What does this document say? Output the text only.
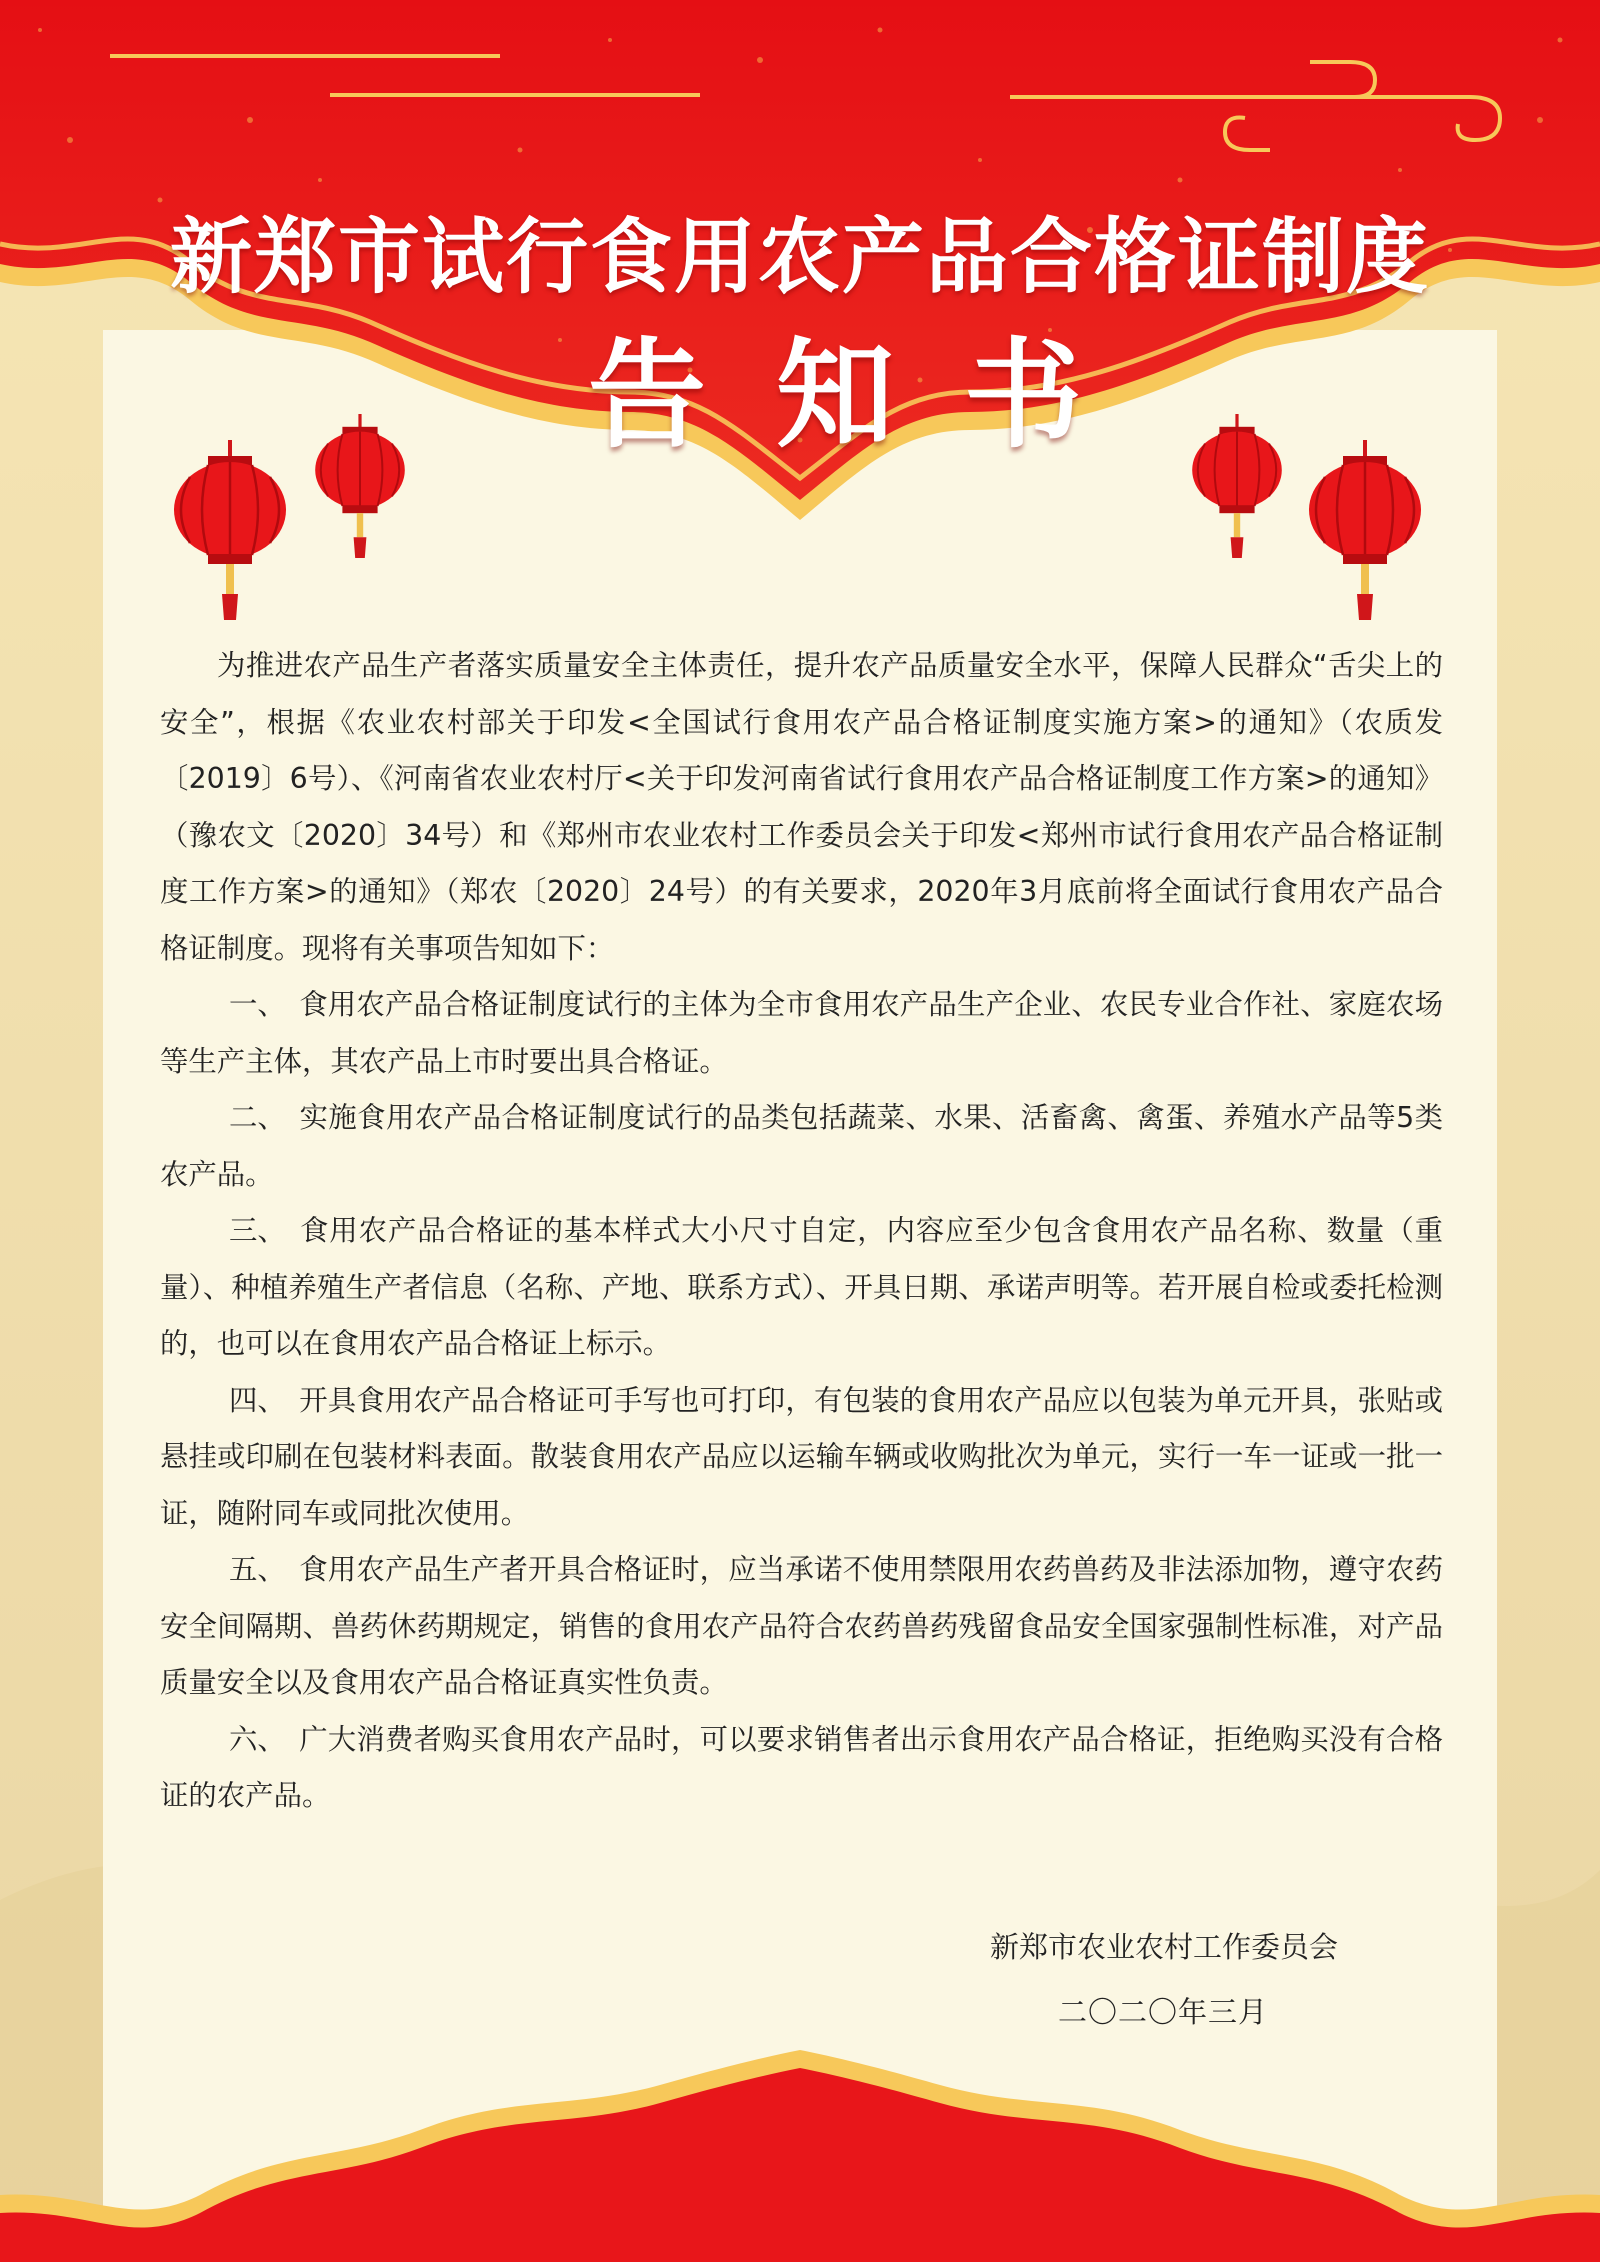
新郑市试行食用农产品合格证制度
告知书

为推进农产品生产者落实质量安全主体责任，提升农产品质量安全水平，保障人民群众“舌尖上的安全”，根据《农业农村部关于印发<全国试行食用农产品合格证制度实施方案>的通知》（农质发〔2019〕6号）、《河南省农业农村厅<关于印发河南省试行食用农产品合格证制度工作方案>的通知》（豫农文〔2020〕34号）和《郑州市农业农村工作委员会关于印发<郑州市试行食用农产品合格证制度工作方案>的通知》（郑农〔2020〕24号）的有关要求，2020年3月底前将全面试行食用农产品合格证制度。现将有关事项告知如下：

一、 食用农产品合格证制度试行的主体为全市食用农产品生产企业、农民专业合作社、家庭农场等生产主体，其农产品上市时要出具合格证。

二、 实施食用农产品合格证制度试行的品类包括蔬菜、水果、活畜禽、禽蛋、养殖水产品等5类农产品。

三、 食用农产品合格证的基本样式大小尺寸自定，内容应至少包含食用农产品名称、数量（重量）、种植养殖生产者信息（名称、产地、联系方式）、开具日期、承诺声明等。若开展自检或委托检测的，也可以在食用农产品合格证上标示。

四、 开具食用农产品合格证可手写也可打印，有包装的食用农产品应以包装为单元开具，张贴或悬挂或印刷在包装材料表面。散装食用农产品应以运输车辆或收购批次为单元，实行一车一证或一批一证，随附同车或同批次使用。

五、 食用农产品生产者开具合格证时，应当承诺不使用禁限用农药兽药及非法添加物，遵守农药安全间隔期、兽药休药期规定，销售的食用农产品符合农药兽药残留食品安全国家强制性标准，对产品质量安全以及食用农产品合格证真实性负责。

六、 广大消费者购买食用农产品时，可以要求销售者出示食用农产品合格证，拒绝购买没有合格证的农产品。

新郑市农业农村工作委员会
二〇二〇年三月
